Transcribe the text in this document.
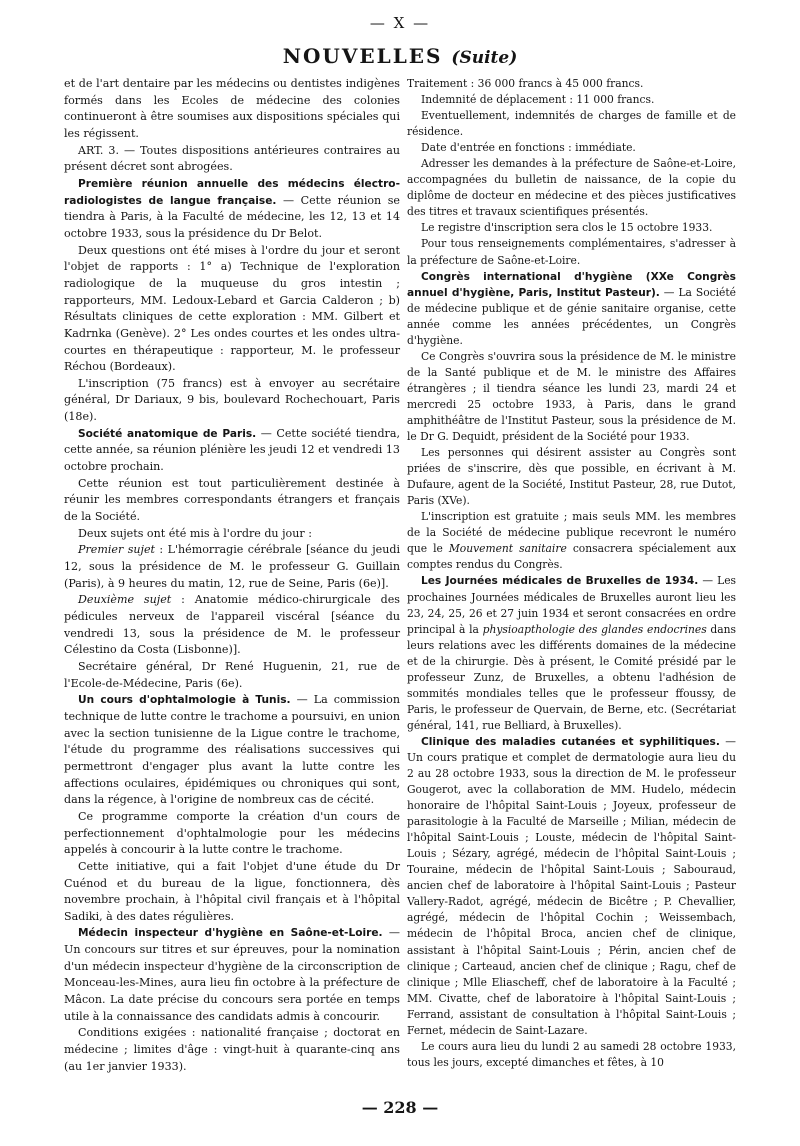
— X —
NOUVELLES (Suite)

et de l'art dentaire par les médecins ou dentistes indigènes formés dans les Ecoles de médecine des colonies continueront à être soumises aux dispositions spéciales qui les régissent.

ART. 3. — Toutes dispositions antérieures contraires au présent décret sont abrogées.

Première réunion annuelle des médecins électro-radiologistes de langue française. — Cette réunion se tiendra à Paris, à la Faculté de médecine, les 12, 13 et 14 octobre 1933, sous la présidence du Dr Belot.

Deux questions ont été mises à l'ordre du jour et seront l'objet de rapports : 1° a) Technique de l'exploration radiologique de la muqueuse du gros intestin ; rapporteurs, MM. Ledoux-Lebard et Garcia Calderon ; b) Résultats cliniques de cette exploration : MM. Gilbert et Kadrnka (Genève). 2° Les ondes courtes et les ondes ultra-courtes en thérapeutique : rapporteur, M. le professeur Réchou (Bordeaux).

L'inscription (75 francs) est à envoyer au secrétaire général, Dr Dariaux, 9 bis, boulevard Rochechouart, Paris (18e).

Société anatomique de Paris. — Cette société tiendra, cette année, sa réunion plénière les jeudi 12 et vendredi 13 octobre prochain.

Cette réunion est tout particulièrement destinée à réunir les membres correspondants étrangers et français de la Société.

Deux sujets ont été mis à l'ordre du jour :

Premier sujet : L'hémorragie cérébrale [séance du jeudi 12, sous la présidence de M. le professeur G. Guillain (Paris), à 9 heures du matin, 12, rue de Seine, Paris (6e)].

Deuxième sujet : Anatomie médico-chirurgicale des pédicules nerveux de l'appareil viscéral [séance du vendredi 13, sous la présidence de M. le professeur Célestino da Costa (Lisbonne)].

Secrétaire général, Dr René Huguenin, 21, rue de l'Ecole-de-Médecine, Paris (6e).

Un cours d'ophtalmologie à Tunis. — La commission technique de lutte contre le trachome a poursuivi, en union avec la section tunisienne de la Ligue contre le trachome, l'étude du programme des réalisations successives qui permettront d'engager plus avant la lutte contre les affections oculaires, épidémiques ou chroniques qui sont, dans la régence, à l'origine de nombreux cas de cécité.

Ce programme comporte la création d'un cours de perfectionnement d'ophtalmologie pour les médecins appelés à concourir à la lutte contre le trachome.

Cette initiative, qui a fait l'objet d'une étude du Dr Cuénod et du bureau de la ligue, fonctionnera, dès novembre prochain, à l'hôpital civil français et à l'hôpital Sadiki, à des dates régulières.

Médecin inspecteur d'hygiène en Saône-et-Loire. — Un concours sur titres et sur épreuves, pour la nomination d'un médecin inspecteur d'hygiène de la circonscription de Monceau-les-Mines, aura lieu fin octobre à la préfecture de Mâcon. La date précise du concours sera portée en temps utile à la connaissance des candidats admis à concourir.

Conditions exigées : nationalité française ; doctorat en médecine ; limites d'âge : vingt-huit à quarante-cinq ans (au 1er janvier 1933).

Traitement : 36 000 francs à 45 000 francs.

Indemnité de déplacement : 11 000 francs.

Eventuellement, indemnités de charges de famille et de résidence.

Date d'entrée en fonctions : immédiate.

Adresser les demandes à la préfecture de Saône-et-Loire, accompagnées du bulletin de naissance, de la copie du diplôme de docteur en médecine et des pièces justificatives des titres et travaux scientifiques présentés.

Le registre d'inscription sera clos le 15 octobre 1933.

Pour tous renseignements complémentaires, s'adresser à la préfecture de Saône-et-Loire.

Congrès international d'hygiène (XXe Congrès annuel d'hygiène, Paris, Institut Pasteur). — La Société de médecine publique et de génie sanitaire organise, cette année comme les années précédentes, un Congrès d'hygiène.

Ce Congrès s'ouvrira sous la présidence de M. le ministre de la Santé publique et de M. le ministre des Affaires étrangères ; il tiendra séance les lundi 23, mardi 24 et mercredi 25 octobre 1933, à Paris, dans le grand amphithéâtre de l'Institut Pasteur, sous la présidence de M. le Dr G. Dequidt, président de la Société pour 1933.

Les personnes qui désirent assister au Congrès sont priées de s'inscrire, dès que possible, en écrivant à M. Dufaure, agent de la Société, Institut Pasteur, 28, rue Dutot, Paris (XVe).

L'inscription est gratuite ; mais seuls MM. les membres de la Société de médecine publique recevront le numéro que le Mouvement sanitaire consacrera spécialement aux comptes rendus du Congrès.

Les Journées médicales de Bruxelles de 1934. — Les prochaines Journées médicales de Bruxelles auront lieu les 23, 24, 25, 26 et 27 juin 1934 et seront consacrées en ordre principal à la physioapthologie des glandes endocrines dans leurs relations avec les différents domaines de la médecine et de la chirurgie. Dès à présent, le Comité présidé par le professeur Zunz, de Bruxelles, a obtenu l'adhésion de sommités mondiales telles que le professeur ffoussy, de Paris, le professeur de Quervain, de Berne, etc. (Secrétariat général, 141, rue Belliard, à Bruxelles).

Clinique des maladies cutanées et syphilitiques. — Un cours pratique et complet de dermatologie aura lieu du 2 au 28 octobre 1933, sous la direction de M. le professeur Gougerot, avec la collaboration de MM. Hudelo, médecin honoraire de l'hôpital Saint-Louis ; Joyeux, professeur de parasitologie à la Faculté de Marseille ; Milian, médecin de l'hôpital Saint-Louis ; Louste, médecin de l'hôpital Saint-Louis ; Sézary, agrégé, médecin de l'hôpital Saint-Louis ; Touraine, médecin de l'hôpital Saint-Louis ; Sabouraud, ancien chef de laboratoire à l'hôpital Saint-Louis ; Pasteur Vallery-Radot, agrégé, médecin de Bicêtre ; P. Chevallier, agrégé, médecin de l'hôpital Cochin ; Weissembach, médecin de l'hôpital Broca, ancien chef de clinique, assistant à l'hôpital Saint-Louis ; Périn, ancien chef de clinique ; Carteaud, ancien chef de clinique ; Ragu, chef de clinique ; Mlle Eliascheff, chef de laboratoire à la Faculté ; MM. Civatte, chef de laboratoire à l'hôpital Saint-Louis ; Ferrand, assistant de consultation à l'hôpital Saint-Louis ; Fernet, médecin de Saint-Lazare.

Le cours aura lieu du lundi 2 au samedi 28 octobre 1933, tous les jours, excepté dimanches et fêtes, à 10

— 228 —
